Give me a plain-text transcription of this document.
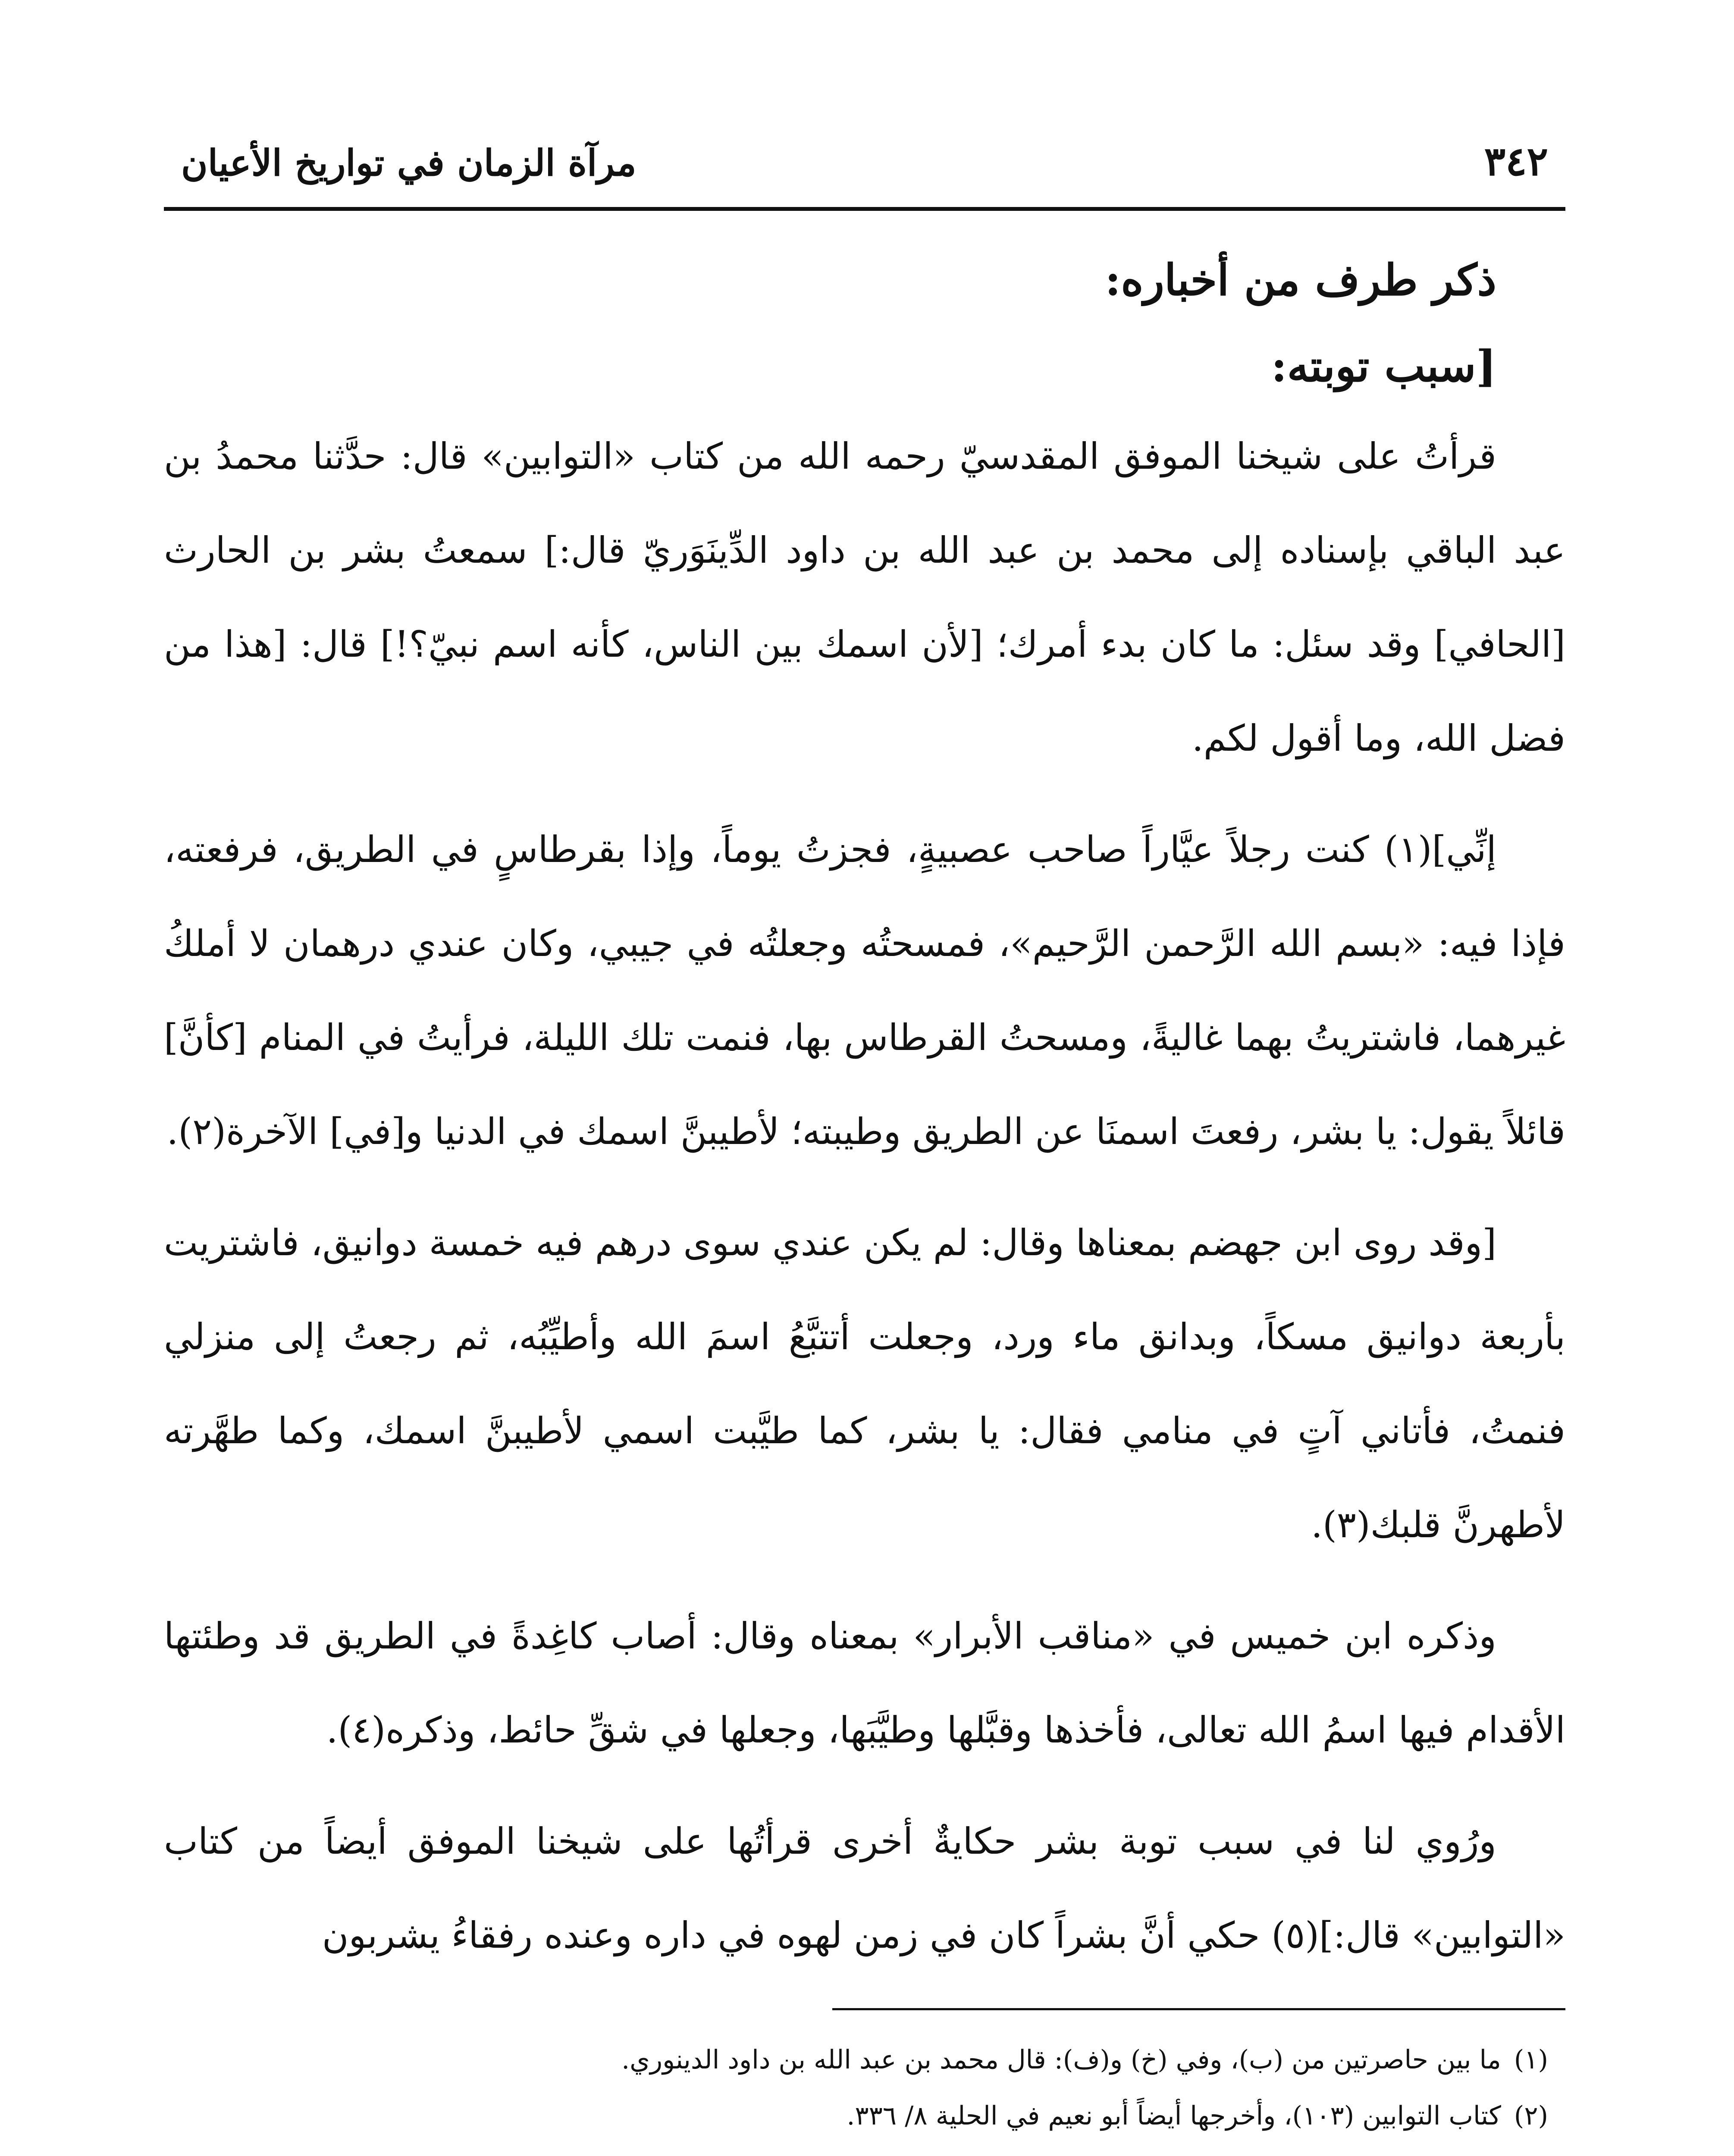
٣٤٢
مرآة الزمان في تواريخ الأعيان

ذكر طرف من أخباره:

[سبب توبته:

قرأتُ على شيخنا الموفق المقدسيّ رحمه الله من كتاب «التوابين» قال: حدَّثنا محمدُ بن عبد الباقي بإسناده إلى محمد بن عبد الله بن داود الدِّينَوَريّ قال:] سمعتُ بشر بن الحارث [الحافي] وقد سئل: ما كان بدء أمرك؛ [لأن اسمك بين الناس، كأنه اسم نبيّ؟!] قال: [هذا من فضل الله، وما أقول لكم.

إنِّي](١) كنت رجلاً عيَّاراً صاحب عصبيةٍ، فجزتُ يوماً، وإذا بقرطاسٍ في الطريق، فرفعته، فإذا فيه: «بسم الله الرَّحمن الرَّحيم»، فمسحتُه وجعلتُه في جيبي، وكان عندي درهمان لا أملكُ غيرهما، فاشتريتُ بهما غاليةً، ومسحتُ القرطاس بها، فنمت تلك الليلة، فرأيتُ في المنام [كأنَّ] قائلاً يقول: يا بشر، رفعتَ اسمنَا عن الطريق وطيبته؛ لأطيبنَّ اسمك في الدنيا و[في] الآخرة(٢).

[وقد روى ابن جهضم بمعناها وقال: لم يكن عندي سوى درهم فيه خمسة دوانيق، فاشتريت بأربعة دوانيق مسكاً، وبدانق ماء ورد، وجعلت أتتبَّعُ اسمَ الله وأطيِّبُه، ثم رجعتُ إلى منزلي فنمتُ، فأتاني آتٍ في منامي فقال: يا بشر، كما طيَّبت اسمي لأطيبنَّ اسمك، وكما طهَّرته لأطهرنَّ قلبك(٣).

وذكره ابن خميس في «مناقب الأبرار» بمعناه وقال: أصاب كاغِدةً في الطريق قد وطئتها الأقدام فيها اسمُ الله تعالى، فأخذها وقبَّلها وطيَّبَها، وجعلها في شقِّ حائط، وذكره(٤).

ورُوي لنا في سبب توبة بشر حكايةٌ أخرى قرأتُها على شيخنا الموفق أيضاً من كتاب «التوابين» قال:](٥) حكي أنَّ بشراً كان في زمن لهوه في داره وعنده رفقاءُ يشربون

(١)
ما بين حاصرتين من (ب)، وفي (خ) و(ف): قال محمد بن عبد الله بن داود الدينوري.
(٢)
كتاب التوابين (١٠٣)، وأخرجها أيضاً أبو نعيم في الحلية ٨/ ٣٣٦.
